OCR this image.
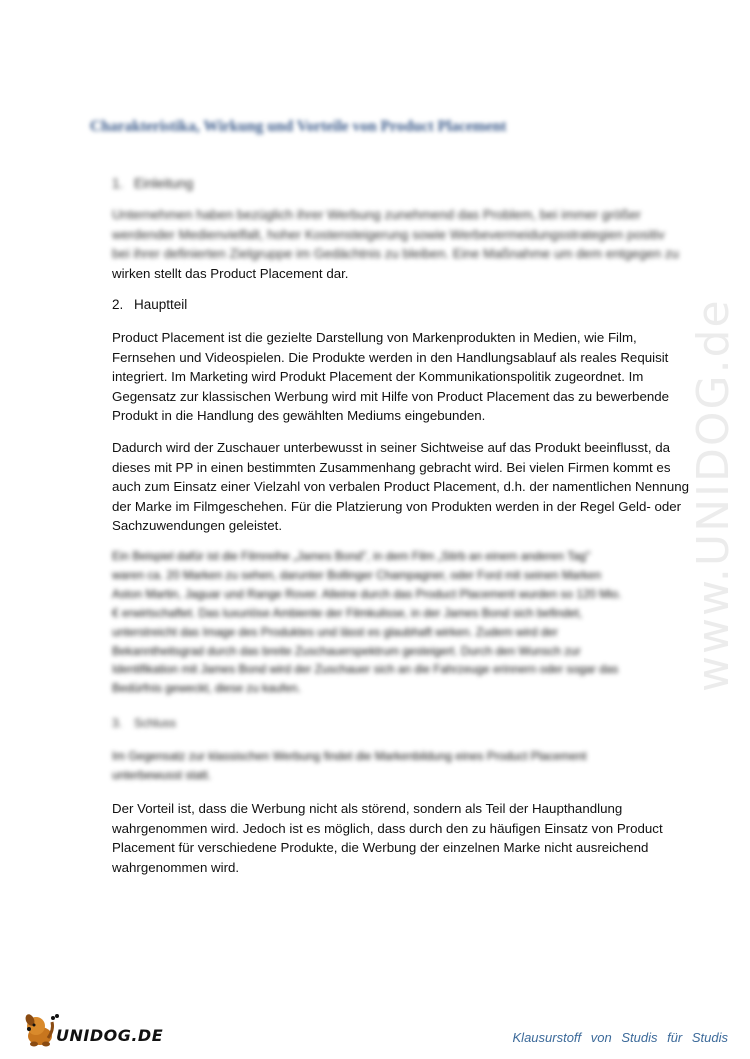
Charakteristika, Wirkung und Vorteile von Product Placement
1. Einleitung
Unternehmen haben bezüglich ihrer Werbung zunehmend das Problem, bei immer größer
werdender Medienvielfalt, hoher Kostensteigerung sowie Werbevermeidungsstrategien positiv
bei ihrer definierten Zielgruppe im Gedächtnis zu bleiben. Eine Maßnahme um dem entgegen zu
wirken stellt das Product Placement dar.
2. Hauptteil
Product Placement ist die gezielte Darstellung von Markenprodukten in Medien, wie Film,
Fernsehen und Videospielen. Die Produkte werden in den Handlungsablauf als reales Requisit
integriert. Im Marketing wird Produkt Placement der Kommunikationspolitik zugeordnet. Im
Gegensatz zur klassischen Werbung wird mit Hilfe von Product Placement das zu bewerbende
Produkt in die Handlung des gewählten Mediums eingebunden.
Dadurch wird der Zuschauer unterbewusst in seiner Sichtweise auf das Produkt beeinflusst, da
dieses mit PP in einen bestimmten Zusammenhang gebracht wird. Bei vielen Firmen kommt es
auch zum Einsatz einer Vielzahl von verbalen Product Placement, d.h. der namentlichen Nennung
der Marke im Filmgeschehen. Für die Platzierung von Produkten werden in der Regel Geld- oder
Sachzuwendungen geleistet.
Ein Beispiel dafür ist die Filmreihe „James Bond", in dem Film „Stirb an einem anderen Tag"
waren ca. 20 Marken zu sehen, darunter Bollinger Champagner, oder Ford mit seinen Marken
Aston Martin, Jaguar und Range Rover. Alleine durch das Product Placement wurden so 120 Mio.
€ erwirtschaftet. Das luxuriöse Ambiente der Filmkulisse, in der James Bond sich befindet,
unterstreicht das Image des Produktes und lässt es glaubhaft wirken. Zudem wird der
Bekanntheitsgrad durch das breite Zuschauerspektrum gesteigert. Durch den Wunsch zur
Identifikation mit James Bond wird der Zuschauer sich an die Fahrzeuge erinnern oder sogar das
Bedürfnis geweckt, diese zu kaufen.
3. Schluss
Im Gegensatz zur klassischen Werbung findet die Markenbildung eines Product Placement
unterbewusst statt.
Der Vorteil ist, dass die Werbung nicht als störend, sondern als Teil der Haupthandlung
wahrgenommen wird. Jedoch ist es möglich, dass durch den zu häufigen Einsatz von Product
Placement für verschiedene Produkte, die Werbung der einzelnen Marke nicht ausreichend
wahrgenommen wird.
www.UNIDOG.de
UNIDOG.DE	Klausurstoff von Studis für Studis
